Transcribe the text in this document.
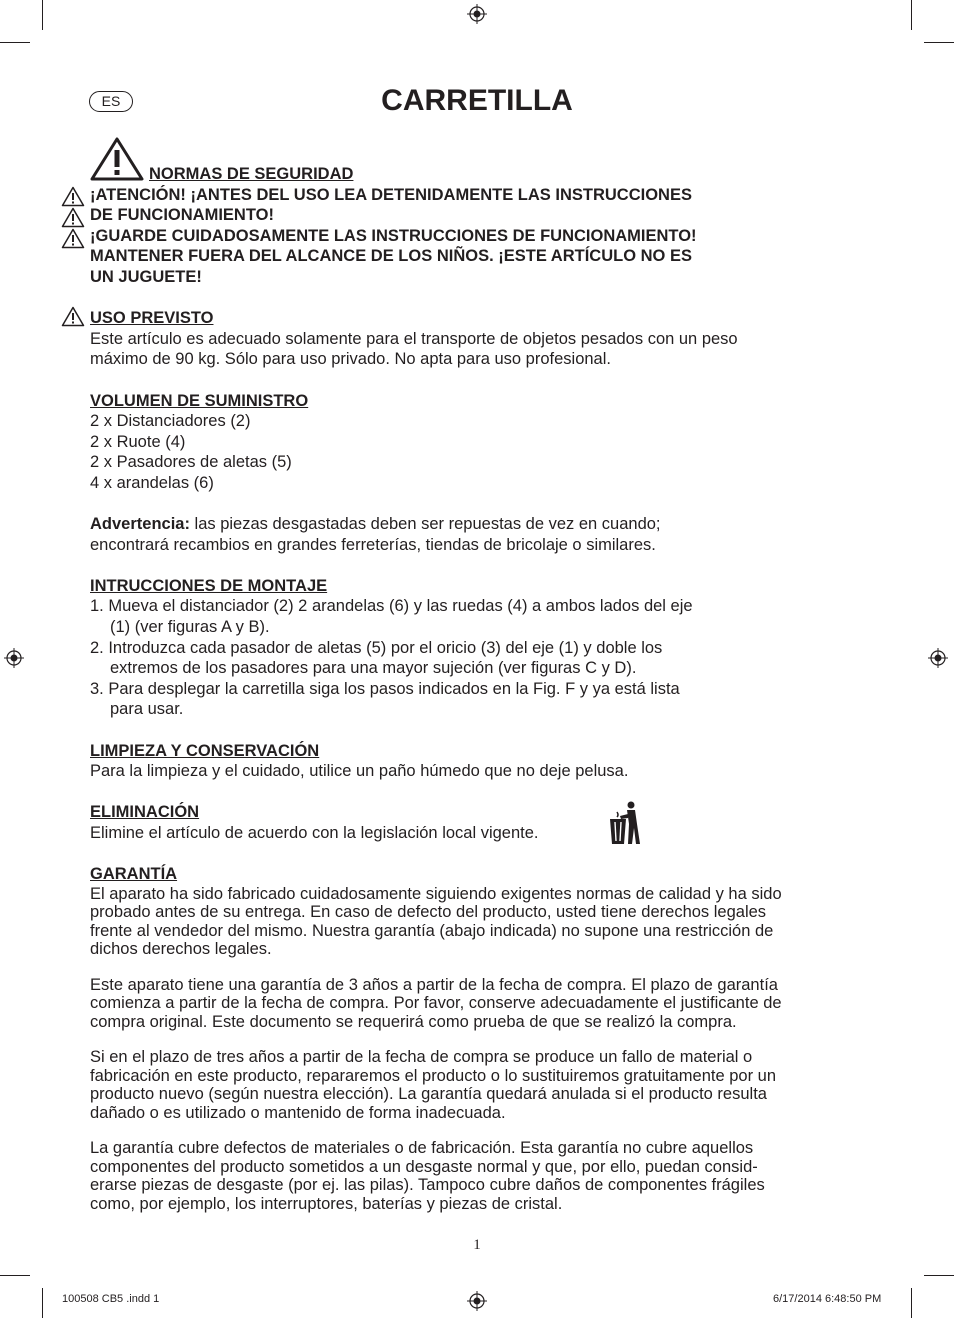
ES	CARRETILLA
NORMAS DE SEGURIDAD
¡ATENCIÓN! ¡ANTES DEL USO LEA DETENIDAMENTE LAS INSTRUCCIONES
DE FUNCIONAMIENTO!
¡GUARDE CUIDADOSAMENTE LAS INSTRUCCIONES DE FUNCIONAMIENTO!
MANTENER FUERA DEL ALCANCE DE LOS NIÑOS. ¡ESTE ARTÍCULO NO ES
UN JUGUETE!
USO PREVISTO
Este artículo es adecuado solamente para el transporte de objetos pesados con un peso
máximo de 90 kg. Sólo para uso privado. No apta para uso profesional.
VOLUMEN DE SUMINISTRO
2 x Distanciadores (2)
2 x Ruote (4)
2 x Pasadores de aletas (5)
4 x arandelas (6)
Advertencia: las piezas desgastadas deben ser repuestas de vez en cuando;
encontrará recambios en grandes ferreterías, tiendas de bricolaje o similares.
INTRUCCIONES DE MONTAJE
1. Mueva el distanciador (2) 2 arandelas (6) y las ruedas (4) a ambos lados del eje
(1) (ver figuras A y B).
2. Introduzca cada pasador de aletas (5) por el oricio (3) del eje (1) y doble los
extremos de los pasadores para una mayor sujeción (ver figuras C y D).
3. Para desplegar la carretilla siga los pasos indicados en la Fig. F y ya está lista
para usar.
LIMPIEZA Y CONSERVACIÓN
Para la limpieza y el cuidado, utilice un paño húmedo que no deje pelusa.
ELIMINACIÓN
Elimine el artículo de acuerdo con la legislación local vigente.
GARANTÍA
El aparato ha sido fabricado cuidadosamente siguiendo exigentes normas de calidad y ha sido
probado antes de su entrega. En caso de defecto del producto, usted tiene derechos legales
frente al vendedor del mismo. Nuestra garantía (abajo indicada) no supone una restricción de
dichos derechos legales.
Este aparato tiene una garantía de 3 años a partir de la fecha de compra. El plazo de garantía
comienza a partir de la fecha de compra. Por favor, conserve adecuadamente el justificante de
compra original. Este documento se requerirá como prueba de que se realizó la compra.
Si en el plazo de tres años a partir de la fecha de compra se produce un fallo de material o
fabricación en este producto, repararemos el producto o lo sustituiremos gratuitamente por un
producto nuevo (según nuestra elección). La garantía quedará anulada si el producto resulta
dañado o es utilizado o mantenido de forma inadecuada.
La garantía cubre defectos de materiales o de fabricación. Esta garantía no cubre aquellos
componentes del producto sometidos a un desgaste normal y que, por ello, puedan consid-
erarse piezas de desgaste (por ej. las pilas). Tampoco cubre daños de componentes frágiles
como, por ejemplo, los interruptores, baterías y piezas de cristal.
1
100508 CB5 .indd 1	6/17/2014 6:48:50 PM
